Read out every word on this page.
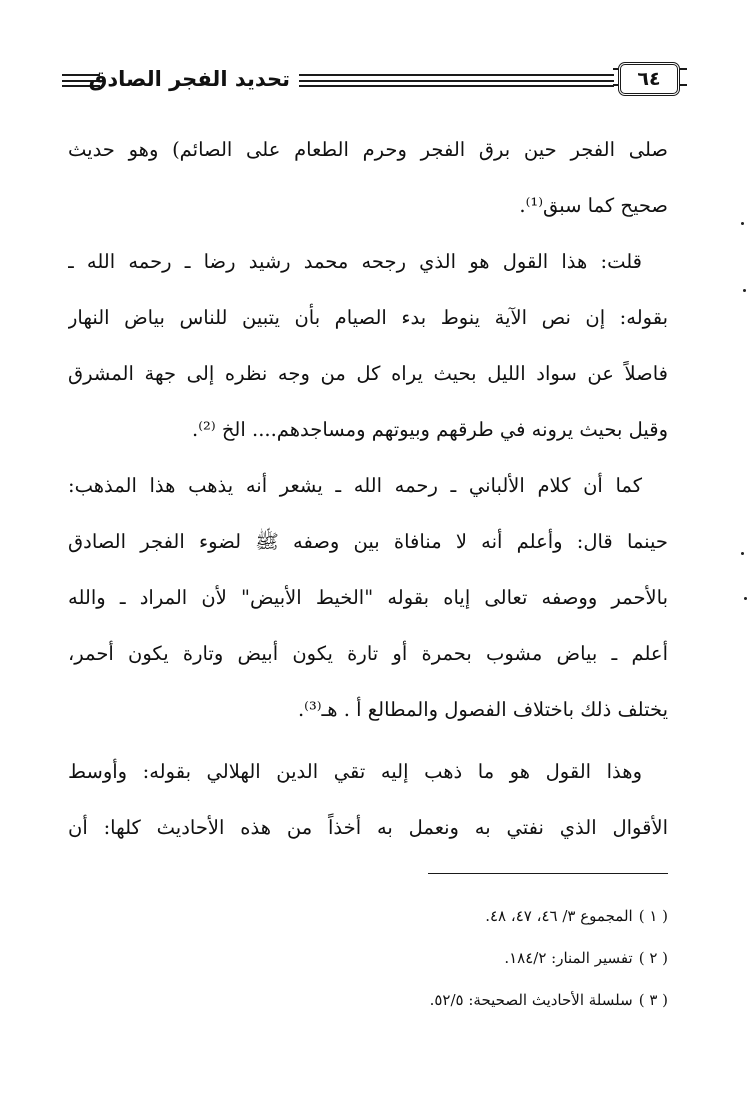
تحديد الفجر الصادق	٦٤
صلى الفجر حين برق الفجر وحرم الطعام على الصائم) وهو حديث
صحيح كما سبق⁽¹⁾.
قلت: هذا القول هو الذي رجحه محمد رشيد رضا ـ رحمه الله ـ
بقوله: إن نص الآية ينوط بدء الصيام بأن يتبين للناس بياض النهار
فاصلاً عن سواد الليل بحيث يراه كل من وجه نظره إلى جهة المشرق
وقيل بحيث يرونه في طرقهم وبيوتهم ومساجدهم.... الخ ⁽²⁾.
كما أن كلام الألباني ـ رحمه الله ـ يشعر أنه يذهب هذا المذهب:
حينما قال: وأعلم أنه لا منافاة بين وصفه ﷺ لضوء الفجر الصادق
بالأحمر ووصفه تعالى إياه بقوله "الخيط الأبيض" لأن المراد ـ والله
أعلم ـ بياض مشوب بحمرة أو تارة يكون أبيض وتارة يكون أحمر،
يختلف ذلك باختلاف الفصول والمطالع أ . هـ⁽³⁾.
وهذا القول هو ما ذهب إليه تقي الدين الهلالي بقوله: وأوسط
الأقوال الذي نفتي به ونعمل به أخذاً من هذه الأحاديث كلها: أن
( ١ )المجموع ٣/ ٤٦، ٤٧، ٤٨.
( ٢ )تفسير المنار: ١٨٤/٢.
( ٣ )سلسلة الأحاديث الصحيحة: ٥٢/٥.
